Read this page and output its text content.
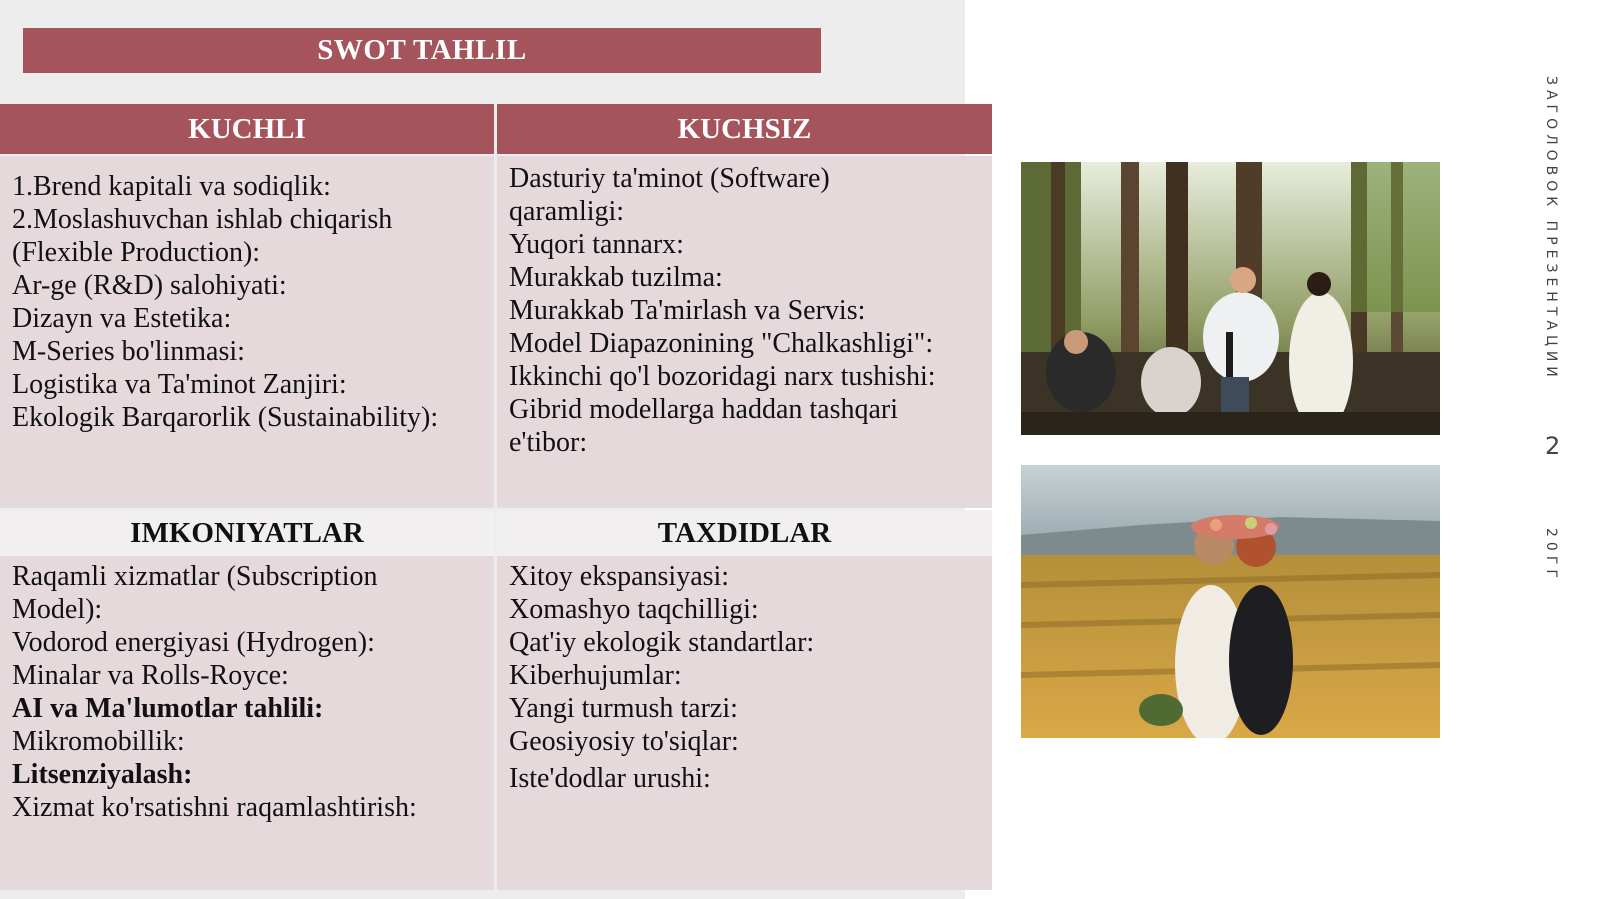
SWOT TAHLIL
KUCHLI	KUCHSIZ
1.Brend kapitali va sodiqlik:
2.Moslashuvchan ishlab chiqarish
(Flexible Production):
Ar-ge (R&D) salohiyati:
Dizayn va Estetika:
M-Series bo'linmasi:
Logistika va Ta'minot Zanjiri:
Ekologik Barqarorlik (Sustainability):
Dasturiy ta'minot (Software)
qaramligi:
Yuqori tannarx:
Murakkab tuzilma:
Murakkab Ta'mirlash va Servis:
Model Diapazonining "Chalkashligi":
Ikkinchi qo'l bozoridagi narx tushishi:
Gibrid modellarga haddan tashqari
e'tibor:
IMKONIYATLAR	TAXDIDLAR
Raqamli xizmatlar (Subscription
Model):
Vodorod energiyasi (Hydrogen):
Minalar va Rolls-Royce:
AI va Ma'lumotlar tahlili:
Mikromobillik:
Litsenziyalash:
Xizmat ko'rsatishni raqamlashtirish:
Xitoy ekspansiyasi:
Xomashyo taqchilligi:
Qat'iy ekologik standartlar:
Kiberhujumlar:
Yangi turmush tarzi:
Geosiyosiy to'siqlar:
Iste'dodlar urushi:
ЗАГОЛОВОК ПРЕЗЕНТАЦИИ
2
20ГГ
